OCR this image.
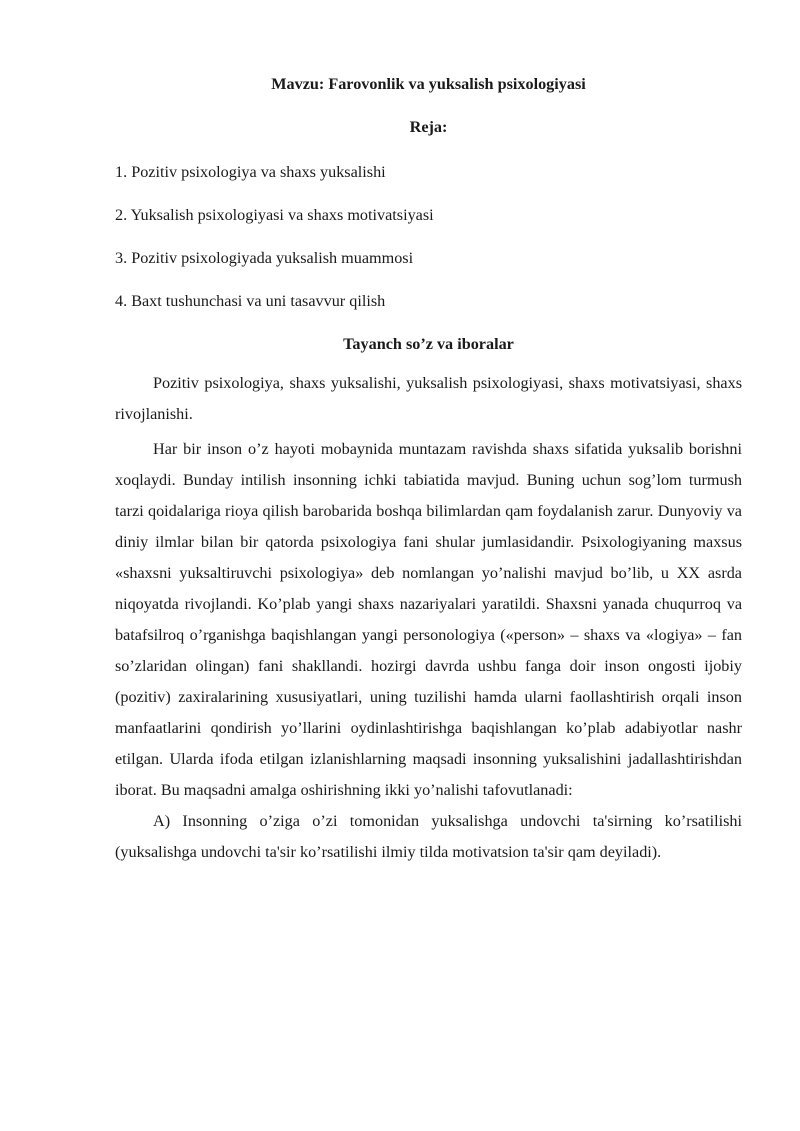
Mavzu: Farovonlik va yuksalish psixologiyasi
Reja:
1. Pozitiv psixologiya va shaxs yuksalishi
2. Yuksalish psixologiyasi va shaxs motivatsiyasi
3. Pozitiv psixologiyada yuksalish muammosi
4. Baxt tushunchasi va uni tasavvur qilish
Tayanch so’z va iboralar

Pozitiv psixologiya, shaxs yuksalishi, yuksalish psixologiyasi, shaxs motivatsiyasi, shaxs rivojlanishi.

Har bir inson o’z hayoti mobaynida muntazam ravishda shaxs sifatida yuksalib borishni xoqlaydi. Bunday intilish insonning ichki tabiatida mavjud. Buning uchun sog’lom turmush tarzi qoidalariga rioya qilish barobarida boshqa bilimlardan qam foydalanish zarur. Dunyoviy va diniy ilmlar bilan bir qatorda psixologiya fani shular jumlasidandir. Psixologiyaning maxsus «shaxsni yuksaltiruvchi psixologiya» deb nomlangan yo’nalishi mavjud bo’lib, u XX asrda niqoyatda rivojlandi. Ko’plab yangi shaxs nazariyalari yaratildi. Shaxsni yanada chuqurroq va batafsilroq o’rganishga baqishlangan yangi personologiya («person» – shaxs va «logiya» – fan so’zlaridan olingan) fani shakllandi. hozirgi davrda ushbu fanga doir inson ongosti ijobiy (pozitiv) zaxiralarining xususiyatlari, uning tuzilishi hamda ularni faollashtirish orqali inson manfaatlarini qondirish yo’llarini oydinlashtirishga baqishlangan ko’plab adabiyotlar nashr etilgan. Ularda ifoda etilgan izlanishlarning maqsadi insonning yuksalishini jadallashtirishdan iborat. Bu maqsadni amalga oshirishning ikki yo’nalishi tafovutlanadi:

A) Insonning o’ziga o’zi tomonidan yuksalishga undovchi ta'sirning ko’rsatilishi (yuksalishga undovchi ta'sir ko’rsatilishi ilmiy tilda motivatsion ta'sir qam deyiladi).
